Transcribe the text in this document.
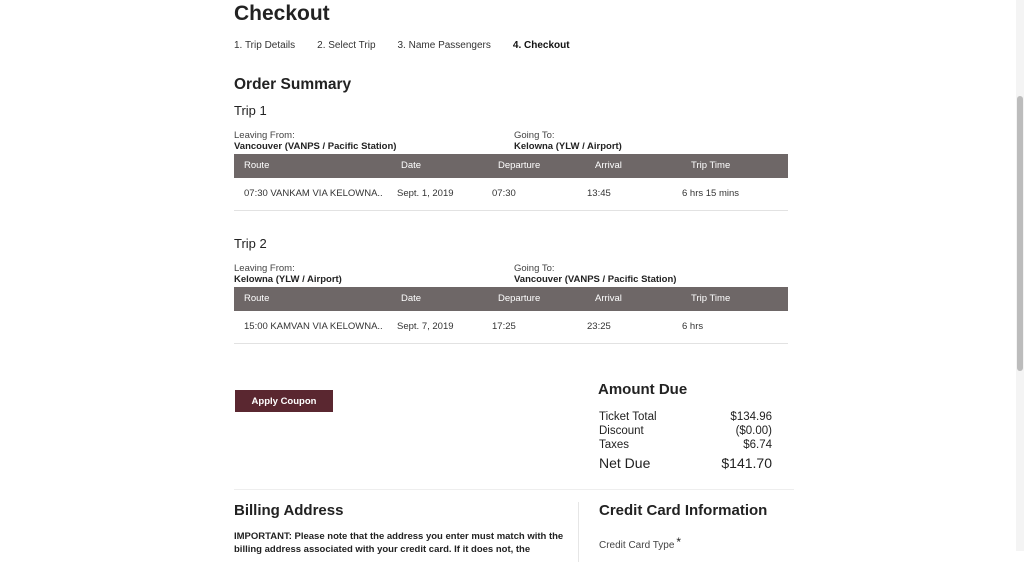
Checkout
1. Trip Details 2. Select Trip 3. Name Passengers 4. Checkout
Order Summary
Trip 1
Leaving From:
Vancouver (VANPS / Pacific Station)
Going To:
Kelowna (YLW / Airport)
Route	Date	Departure	Arrival	Trip Time
07:30 VANKAM VIA KELOWNA.. Sept. 1, 2019	07:30	13:45	6 hrs 15 mins
Trip 2
Leaving From:
Kelowna (YLW / Airport)
Going To:
Vancouver (VANPS / Pacific Station)
Route	Date	Departure	Arrival	Trip Time
15:00 KAMVAN VIA KELOWNA.. Sept. 7, 2019	17:25	23:25	6 hrs
Apply Coupon
Amount Due
Ticket Total	$134.96
Discount	($0.00)
Taxes	$6.74
Net Due	$141.70
Billing Address
IMPORTANT: Please note that the address you enter must match with the billing address associated with your credit card. If it does not, the
Credit Card Information
Credit Card Type *
